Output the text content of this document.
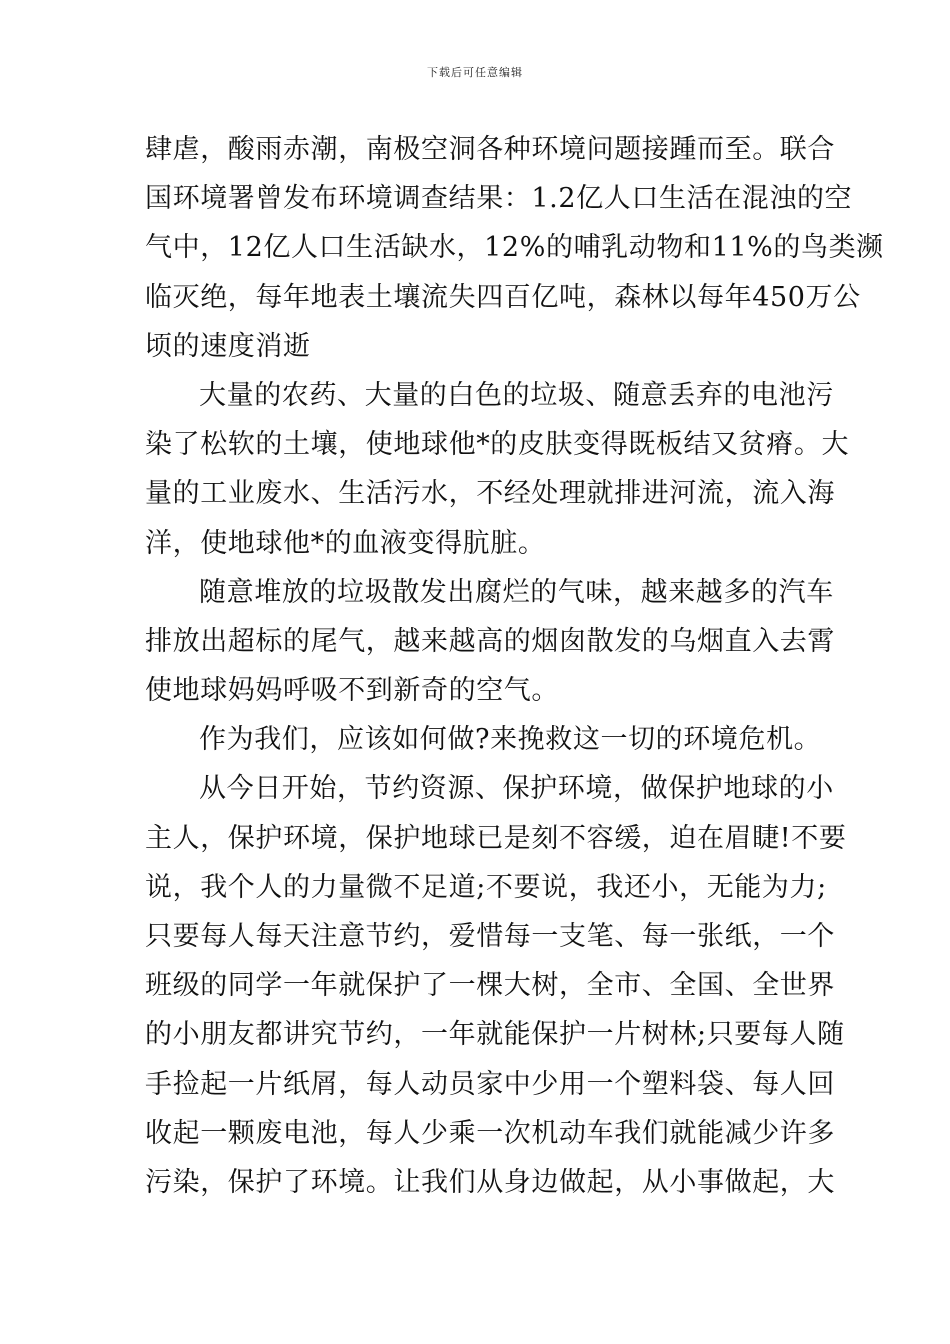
下载后可任意编辑
肆虐，酸雨赤潮，南极空洞各种环境问题接踵而至。联合
国环境署曾发布环境调查结果：1.2亿人口生活在混浊的空
气中，12亿人口生活缺水，12%的哺乳动物和11%的鸟类濒
临灭绝，每年地表土壤流失四百亿吨，森林以每年450万公
顷的速度消逝
大量的农药、大量的白色的垃圾、随意丢弃的电池污
染了松软的土壤，使地球他*的皮肤变得既板结又贫瘠。大
量的工业废水、生活污水，不经处理就排进河流，流入海
洋，使地球他*的血液变得肮脏。
随意堆放的垃圾散发出腐烂的气味，越来越多的汽车
排放出超标的尾气，越来越高的烟囱散发的乌烟直入去霄
使地球妈妈呼吸不到新奇的空气。
作为我们，应该如何做?来挽救这一切的环境危机。
从今日开始，节约资源、保护环境，做保护地球的小
主人，保护环境，保护地球已是刻不容缓，迫在眉睫!不要
说，我个人的力量微不足道;不要说，我还小，无能为力;
只要每人每天注意节约，爱惜每一支笔、每一张纸，一个
班级的同学一年就保护了一棵大树，全市、全国、全世界
的小朋友都讲究节约，一年就能保护一片树林;只要每人随
手捡起一片纸屑，每人动员家中少用一个塑料袋、每人回
收起一颗废电池，每人少乘一次机动车我们就能减少许多
污染，保护了环境。让我们从身边做起，从小事做起，大
